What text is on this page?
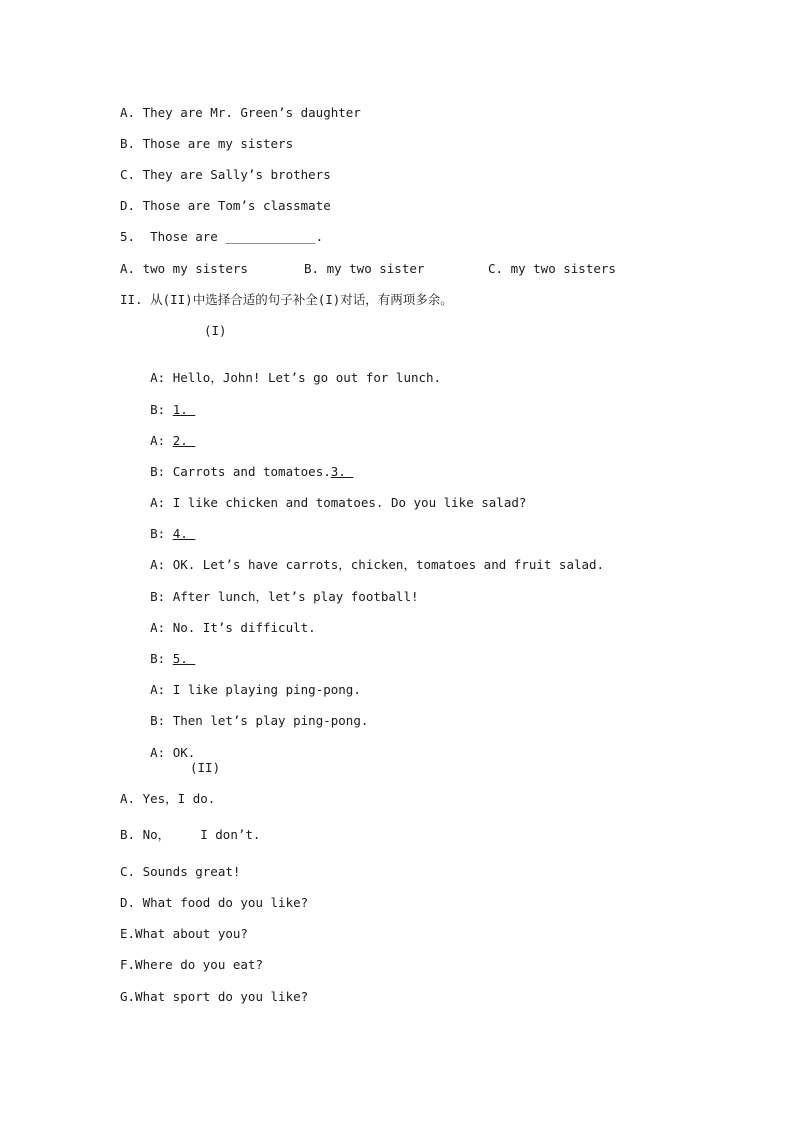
A. They are Mr. Green’s daughter
B. Those are my sisters
C. They are Sally’s brothers
D. Those are Tom’s classmate
5.  Those are ____________.
A. two my sisters	B. my two sister	C. my two sisters
II. 从(II)中选择合适的句子补全(I)对话，有两项多余。
(I)

A: Hello，John! Let’s go out for lunch.

B: 1.

A: 2.

B: Carrots and tomatoes.3.

A: I like chicken and tomatoes. Do you like salad?

B: 4.

A: OK. Let’s have carrots，chicken，tomatoes and fruit salad.

B: After lunch，let’s play football!

A: No. It’s difficult.

B: 5.

A: I like playing ping-pong.

B: Then let’s play ping-pong.

A: OK.

(II)
A. Yes，I do.
B. No，    I don’t.
C. Sounds great!
D. What food do you like?
E.What about you?
F.Where do you eat?
G.What sport do you like?
